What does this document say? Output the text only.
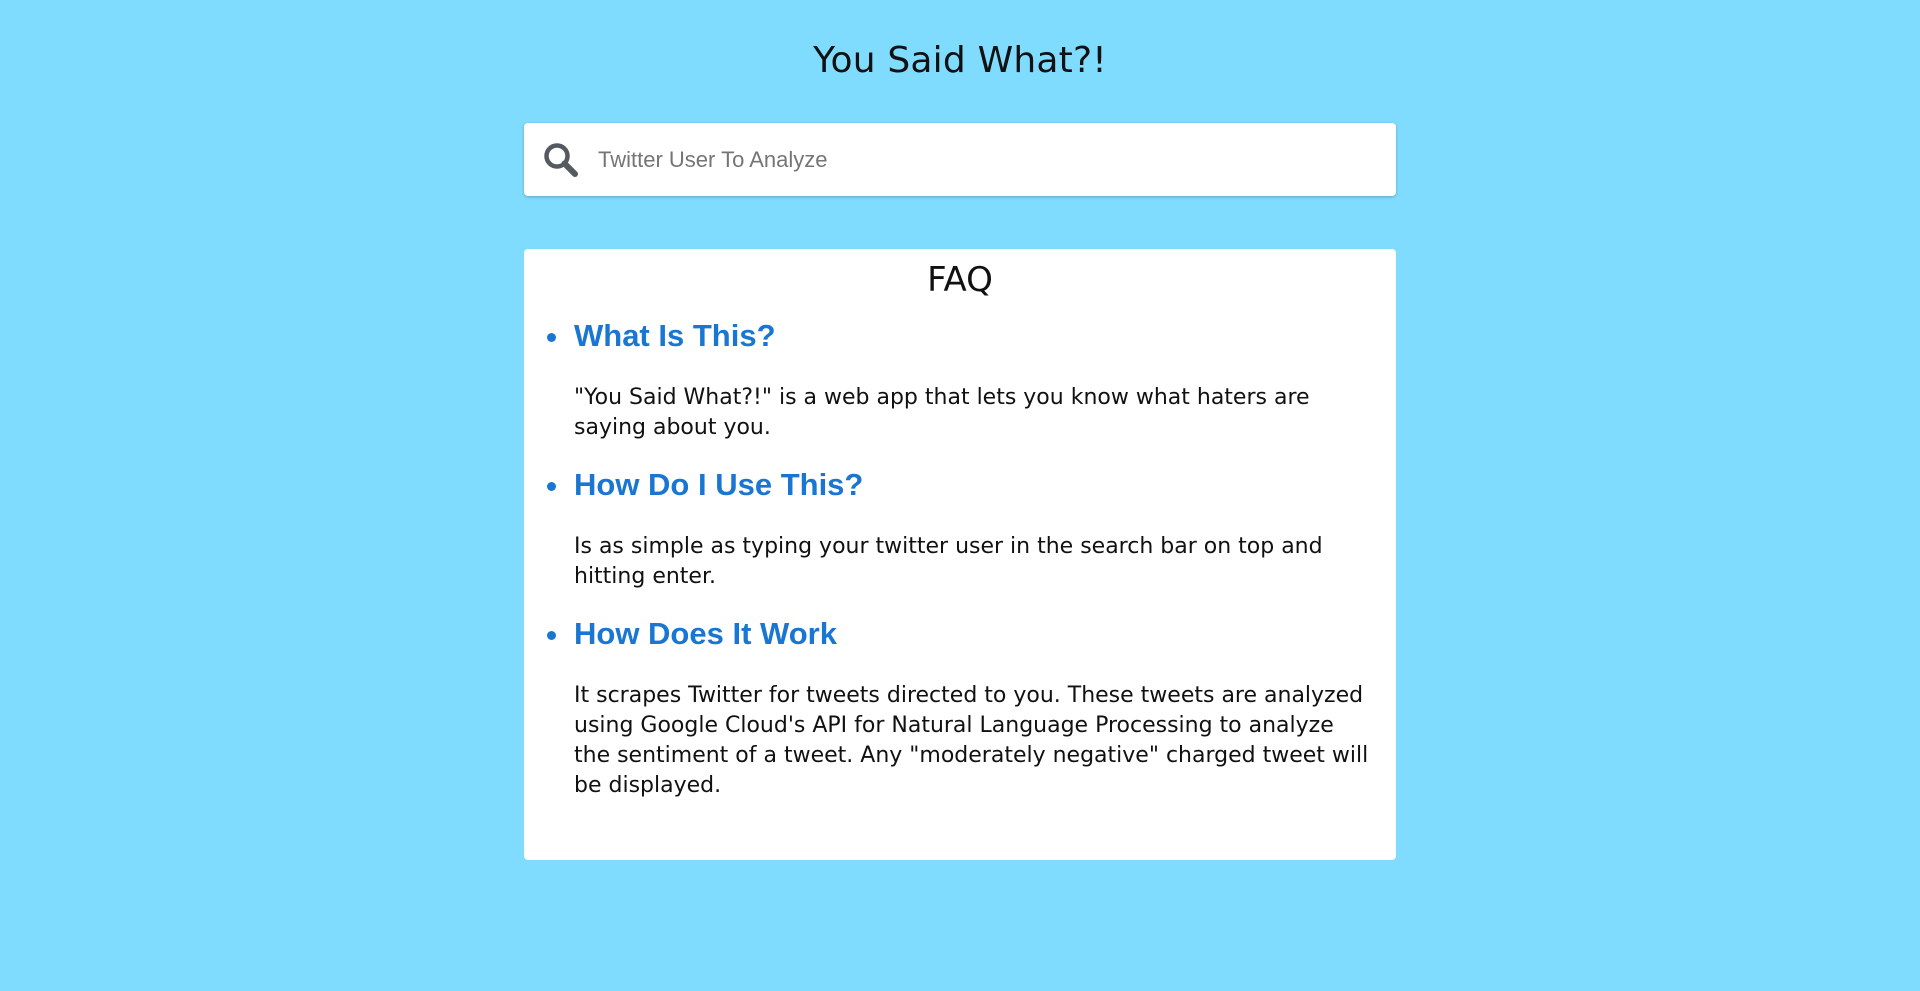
You Said What?!
Twitter User To Analyze
FAQ
What Is This?

"You Said What?!" is a web app that lets you know what haters are saying about you.

How Do I Use This?

Is as simple as typing your twitter user in the search bar on top and hitting enter.

How Does It Work

It scrapes Twitter for tweets directed to you. These tweets are analyzed using Google Cloud's API for Natural Language Processing to analyze the sentiment of a tweet. Any "moderately negative" charged tweet will be displayed.
